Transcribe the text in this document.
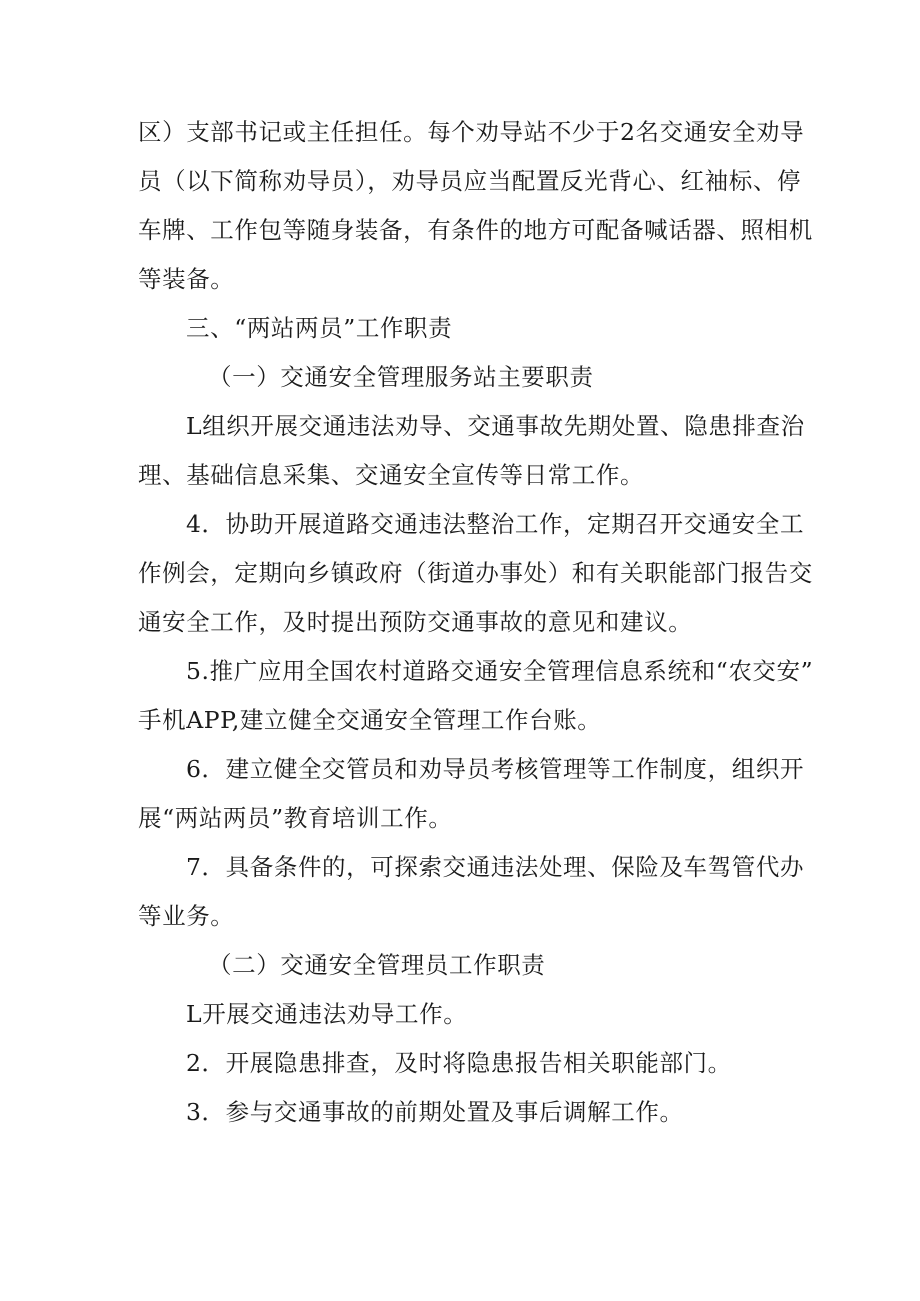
区）支部书记或主任担任。每个劝导站不少于2名交通安全劝导
员（以下简称劝导员），劝导员应当配置反光背心、红袖标、停
车牌、工作包等随身装备，有条件的地方可配备喊话器、照相机
等装备。
三、“两站两员”工作职责
（一）交通安全管理服务站主要职责
L组织开展交通违法劝导、交通事故先期处置、隐患排查治
理、基础信息采集、交通安全宣传等日常工作。
4．协助开展道路交通违法整治工作，定期召开交通安全工
作例会，定期向乡镇政府（街道办事处）和有关职能部门报告交
通安全工作，及时提出预防交通事故的意见和建议。
5.推广应用全国农村道路交通安全管理信息系统和“农交安”
手机APP,建立健全交通安全管理工作台账。
6．建立健全交管员和劝导员考核管理等工作制度，组织开
展“两站两员”教育培训工作。
7．具备条件的，可探索交通违法处理、保险及车驾管代办
等业务。
（二）交通安全管理员工作职责
L开展交通违法劝导工作。
2．开展隐患排查，及时将隐患报告相关职能部门。
3．参与交通事故的前期处置及事后调解工作。
